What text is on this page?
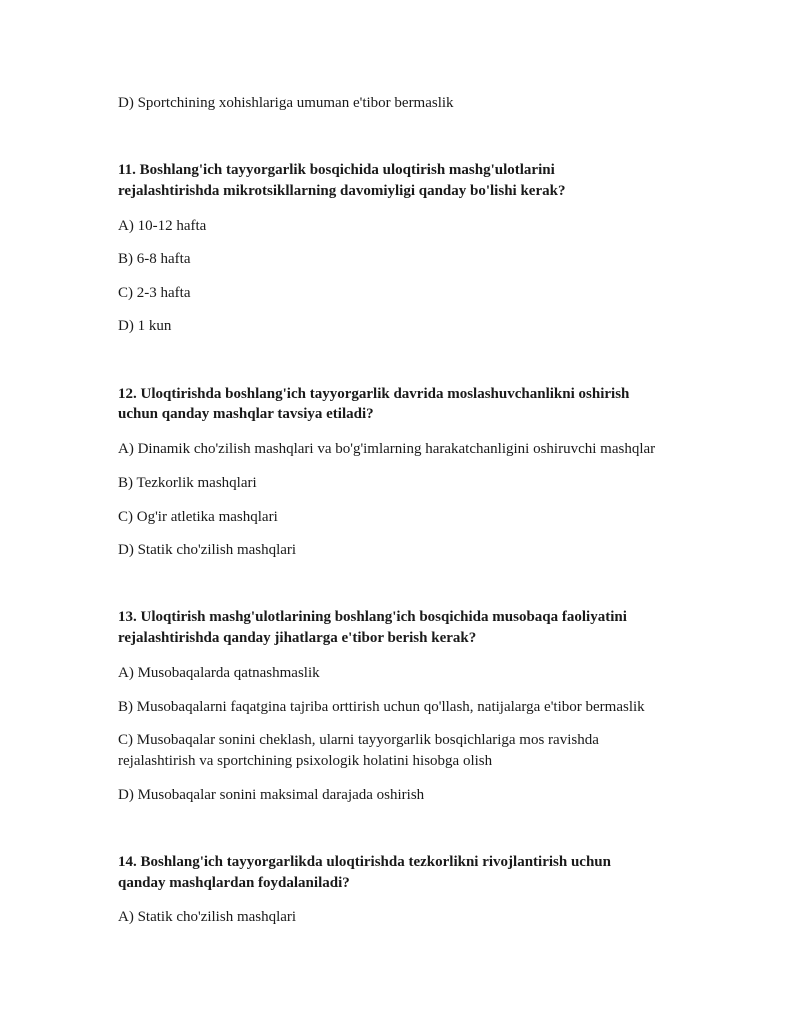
D) Sportchining xohishlariga umuman e'tibor bermaslik
11. Boshlang'ich tayyorgarlik bosqichida uloqtirish mashg'ulotlarini
rejalashtirishda mikrotsikllarning davomiyligi qanday bo'lishi kerak?
A) 10-12 hafta
B) 6-8 hafta
C) 2-3 hafta
D) 1 kun
12. Uloqtirishda boshlang'ich tayyorgarlik davrida moslashuvchanlikni oshirish
uchun qanday mashqlar tavsiya etiladi?
A) Dinamik cho'zilish mashqlari va bo'g'imlarning harakatchanligini oshiruvchi mashqlar
B) Tezkorlik mashqlari
C) Og'ir atletika mashqlari
D) Statik cho'zilish mashqlari
13. Uloqtirish mashg'ulotlarining boshlang'ich bosqichida musobaqa faoliyatini
rejalashtirishda qanday jihatlarga e'tibor berish kerak?
A) Musobaqalarda qatnashmaslik
B) Musobaqalarni faqatgina tajriba orttirish uchun qo'llash, natijalarga e'tibor bermaslik
C) Musobaqalar sonini cheklash, ularni tayyorgarlik bosqichlariga mos ravishda
rejalashtirish va sportchining psixologik holatini hisobga olish
D) Musobaqalar sonini maksimal darajada oshirish
14. Boshlang'ich tayyorgarlikda uloqtirishda tezkorlikni rivojlantirish uchun
qanday mashqlardan foydalaniladi?
A) Statik cho'zilish mashqlari
